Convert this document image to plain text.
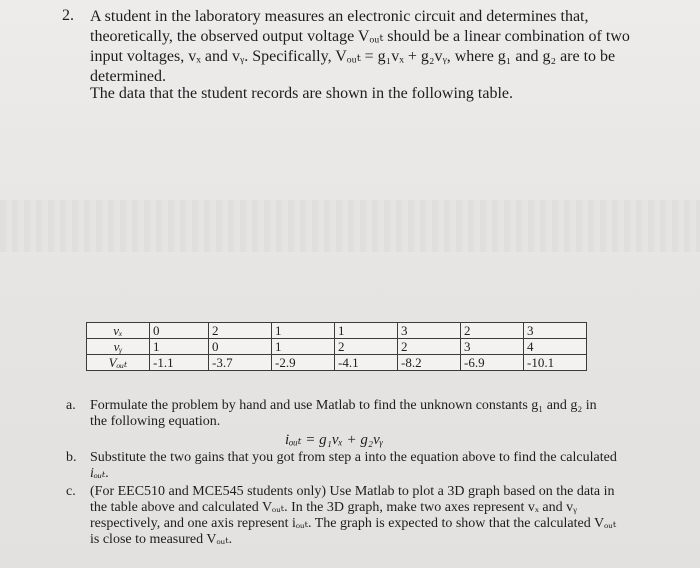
2. A student in the laboratory measures an electronic circuit and determines that,
theoretically, the observed output voltage Vₒᵤₜ should be a linear combination of two
input voltages, vₓ and vᵧ. Specifically, Vₒᵤₜ = g₁vₓ + g₂vᵧ, where g₁ and g₂ are to be
determined.
The data that the student records are shown in the following table.
vₓ	0	2	1	1	3	2	3
vᵧ	1	0	1	2	2	3	4
Vₒᵤₜ	-1.1	-3.7	-2.9	-4.1	-8.2	-6.9	-10.1
a. Formulate the problem by hand and use Matlab to find the unknown constants g₁ and g₂ in
the following equation.
iₒᵤₜ = g₁vₓ + g₂vᵧ
b. Substitute the two gains that you got from step a into the equation above to find the calculated
iₒᵤₜ.
c. (For EEC510 and MCE545 students only) Use Matlab to plot a 3D graph based on the data in
the table above and calculated Vₒᵤₜ. In the 3D graph, make two axes represent vₓ and vᵧ
respectively, and one axis represent iₒᵤₜ. The graph is expected to show that the calculated Vₒᵤₜ
is close to measured Vₒᵤₜ.
